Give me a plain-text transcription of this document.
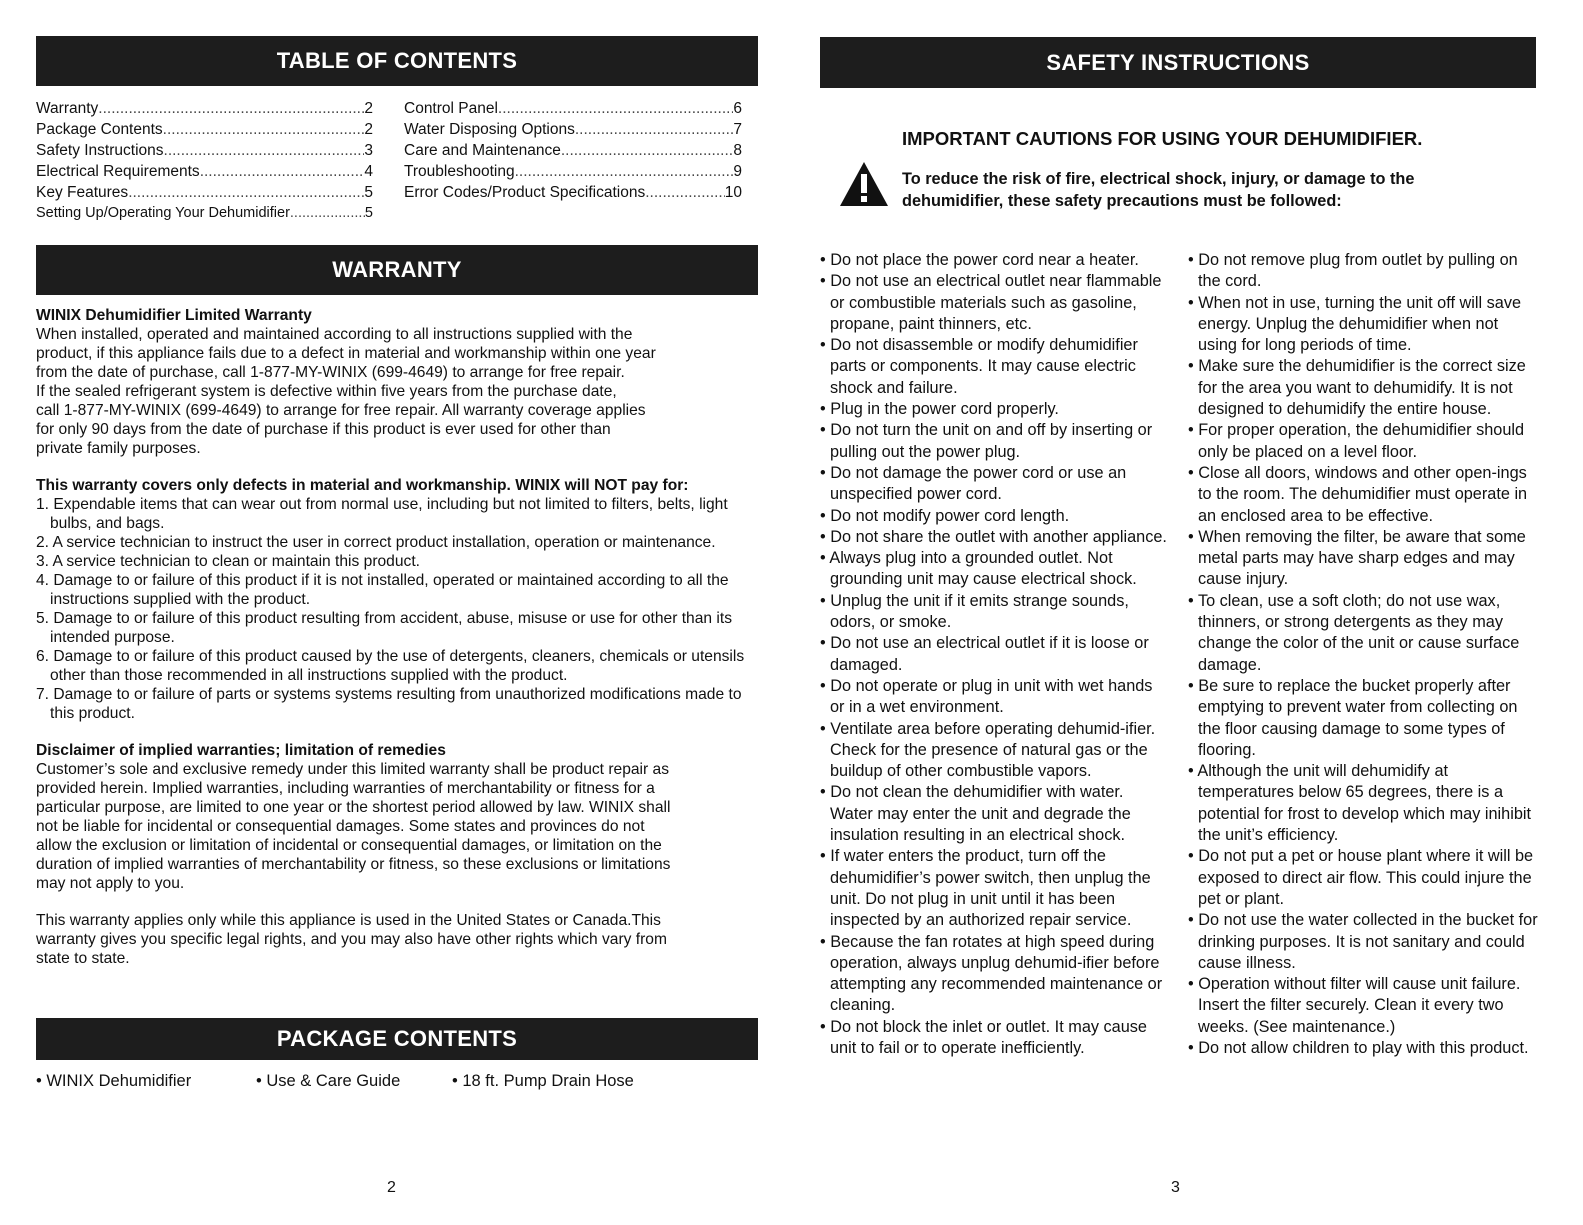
TABLE OF CONTENTS
Warranty .....	2
Package Contents .....	2
Safety Instructions .....	3
Electrical Requirements .....	4
Key Features .....	5
Setting Up/Operating Your Dehumidifier .....	5
Control Panel .....	6
Water Disposing Options .....	7
Care and Maintenance .....	8
Troubleshooting .....	9
Error Codes/Product Specifications .....	10
WARRANTY

WINIX Dehumidifier Limited Warranty

When installed, operated and maintained according to all instructions supplied with the
product, if this appliance fails due to a defect in material and workmanship within one year
from the date of purchase, call 1-877-MY-WINIX (699-4649) to arrange for free repair.
If the sealed refrigerant system is defective within five years from the purchase date,
call 1-877-MY-WINIX (699-4649) to arrange for free repair. All warranty coverage applies
for only 90 days from the date of purchase if this product is ever used for other than
private family purposes.

This warranty covers only defects in material and workmanship. WINIX will NOT pay for:

1. Expendable items that can wear out from normal use, including but not limited to filters, belts, light bulbs, and bags.
2. A service technician to instruct the user in correct product installation, operation or maintenance.
3. A service technician to clean or maintain this product.
4. Damage to or failure of this product if it is not installed, operated or maintained according to all the instructions supplied with the product.
5. Damage to or failure of this product resulting from accident, abuse, misuse or use for other than its intended purpose.
6. Damage to or failure of this product caused by the use of detergents, cleaners, chemicals or utensils other than those recommended in all instructions supplied with the product.
7. Damage to or failure of parts or systems systems resulting from unauthorized modifications made to this product.

Disclaimer of implied warranties; limitation of remedies

Customer’s sole and exclusive remedy under this limited warranty shall be product repair as
provided herein. Implied warranties, including warranties of merchantability or fitness for a
particular purpose, are limited to one year or the shortest period allowed by law. WINIX shall
not be liable for incidental or consequential damages. Some states and provinces do not
allow the exclusion or limitation of incidental or consequential damages, or limitation on the
duration of implied warranties of merchantability or fitness, so these exclusions or limitations
may not apply to you.
This warranty applies only while this appliance is used in the United States or Canada.This
warranty gives you specific legal rights, and you may also have other rights which vary from
state to state.
PACKAGE CONTENTS
• WINIX Dehumidifier	• Use & Care Guide	• 18 ft. Pump Drain Hose
2
SAFETY INSTRUCTIONS
IMPORTANT CAUTIONS FOR USING YOUR DEHUMIDIFIER.
To reduce the risk of fire, electrical shock, injury, or damage to the
dehumidifier, these safety precautions must be followed:
• Do not place the power cord near a heater.
• Do not use an electrical outlet near flammable or combustible materials such as gasoline, propane, paint thinners, etc.
• Do not disassemble or modify dehumidifier parts or components. It may cause electric shock and failure.
• Plug in the power cord properly.
• Do not turn the unit on and off by inserting or pulling out the power plug.
• Do not damage the power cord or use an unspecified power cord.
• Do not modify power cord length.
• Do not share the outlet with another appliance.
• Always plug into a grounded outlet. Not grounding unit may cause electrical shock.
• Unplug the unit if it emits strange sounds, odors, or smoke.
• Do not use an electrical outlet if it is loose or damaged.
• Do not operate or plug in unit with wet hands or in a wet environment.
• Ventilate area before operating dehumid-ifier. Check for the presence of natural gas or the buildup of other combustible vapors.
• Do not clean the dehumidifier with water. Water may enter the unit and degrade the insulation resulting in an electrical shock.
• If water enters the product, turn off the dehumidifier’s power switch, then unplug the unit. Do not plug in unit until it has been inspected by an authorized repair service.
• Because the fan rotates at high speed during operation, always unplug dehumid-ifier before attempting any recommended maintenance or cleaning.
• Do not block the inlet or outlet. It may cause unit to fail or to operate inefficiently.
• Do not remove plug from outlet by pulling on the cord.
• When not in use, turning the unit off will save energy. Unplug the dehumidifier when not using for long periods of time.
• Make sure the dehumidifier is the correct size for the area you want to dehumidify. It is not designed to dehumidify the entire house.
• For proper operation, the dehumidifier should only be placed on a level floor.
• Close all doors, windows and other open-ings to the room. The dehumidifier must operate in an enclosed area to be effective.
• When removing the filter, be aware that some metal parts may have sharp edges and may cause injury.
• To clean, use a soft cloth; do not use wax, thinners, or strong detergents as they may change the color of the unit or cause surface damage.
• Be sure to replace the bucket properly after emptying to prevent water from collecting on the floor causing damage to some types of flooring.
• Although the unit will dehumidify at temperatures below 65 degrees, there is a potential for frost to develop which may inihibit the unit’s efficiency.
• Do not put a pet or house plant where it will be exposed to direct air flow. This could injure the pet or plant.
• Do not use the water collected in the bucket for drinking purposes. It is not sanitary and could cause illness.
• Operation without filter will cause unit failure. Insert the filter securely. Clean it every two weeks. (See maintenance.)
• Do not allow children to play with this product.
3
